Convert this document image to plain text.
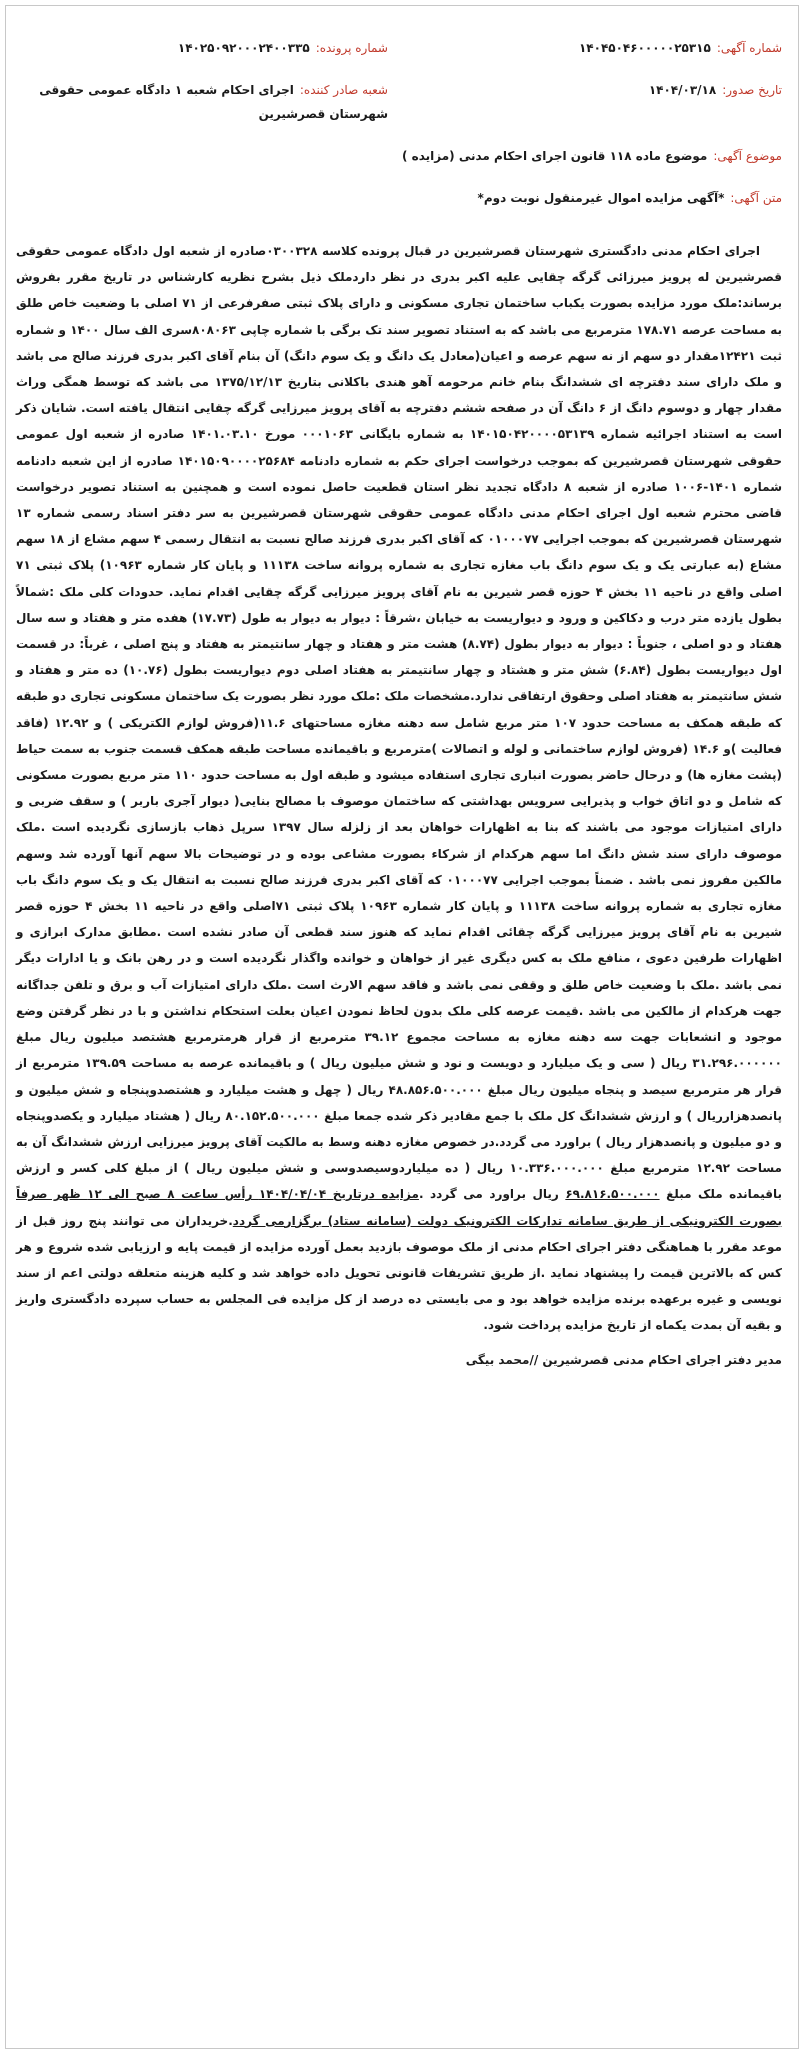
شماره آگهی:۱۴۰۴۵۰۴۶۰۰۰۰۰۲۵۳۱۵
شماره پرونده:۱۴۰۲۵۰۹۲۰۰۰۲۴۰۰۳۳۵
تاریخ صدور:۱۴۰۴/۰۳/۱۸
شعبه صادر کننده:اجرای احکام شعبه ۱ دادگاه عمومی حقوقی شهرستان قصرشیرین
موضوع آگهی:موضوع ماده ۱۱۸ قانون اجرای احکام مدنی (مزایده )
متن آگهی:*آگهی مزایده اموال غیرمنقول نوبت دوم*

اجرای احکام مدنی دادگستری شهرستان قصرشیرین در قبال پرونده کلاسه ۰۳۰۰۳۲۸صادره از شعبه اول دادگاه عمومی حقوقی قصرشیرین له پرویز میرزائی گرگه چقایی علیه اکبر بدری در نظر داردملک ذیل بشرح نظریه کارشناس در تاریخ مقرر بفروش برساند:ملک مورد مزایده بصورت یکباب ساختمان تجاری مسکونی و دارای پلاک ثبتی صفرفرعی از ۷۱ اصلی با وضعیت خاص طلق به مساحت عرصه ۱۷۸.۷۱ مترمربع می باشد که به استناد تصویر سند تک برگی با شماره چاپی ۸۰۸۰۶۳سری الف سال ۱۴۰۰ و شماره ثبت ۱۲۴۲۱مقدار دو سهم از نه سهم عرصه و اعیان(معادل یک دانگ و یک سوم دانگ) آن بنام آقای اکبر بدری فرزند صالح می باشد و ملک دارای سند دفترچه ای ششدانگ بنام خانم مرحومه آهو هندی باکلانی بتاریخ ۱۳۷۵/۱۲/۱۳ می باشد که توسط همگی وراث مقدار چهار و دوسوم دانگ از ۶ دانگ آن در صفحه ششم دفترچه به آقای پرویز میرزایی گرگه چقایی انتقال یافته است. شایان ذکر است به استناد اجرائیه شماره ۱۴۰۱۵۰۴۲۰۰۰۰۵۳۱۳۹ به شماره بایگانی ۰۰۰۱۰۶۳ مورخ ۱۴۰۱.۰۳.۱۰ صادره از شعبه اول عمومی حقوقی شهرستان قصرشیرین که بموجب درخواست اجرای حکم به شماره دادنامه ۱۴۰۱۵۰۹۰۰۰۰۲۵۶۸۴ صادره از این شعبه دادنامه شماره ۱۴۰۱-۱۰۰۶ صادره از شعبه ۸ دادگاه تجدید نظر استان قطعیت حاصل نموده است و همچنین به استناد تصویر درخواست قاضی محترم شعبه اول اجرای احکام مدنی دادگاه عمومی حقوقی شهرستان قصرشیرین به سر دفتر اسناد رسمی شماره ۱۳ شهرستان قصرشیرین که بموجب اجرایی ۰۱۰۰۰۷۷ که آقای اکبر بدری فرزند صالح نسبت به انتقال رسمی ۴ سهم مشاع از ۱۸ سهم مشاع (به عبارتی یک و یک سوم دانگ باب مغازه تجاری به شماره پروانه ساخت ۱۱۱۳۸ و پایان کار شماره ۱۰۹۶۳) پلاک ثبتی ۷۱ اصلی واقع در ناحیه ۱۱ بخش ۴ حوزه قصر شیرین به نام آقای پرویز میرزایی گرگه چقایی اقدام نماید. حدودات کلی ملک :شمالاً بطول یازده متر درب و دکاکین و ورود و دیواریست به خیابان ،شرقاً : دیوار به دیوار به طول (۱۷.۷۳) هفده متر و هفتاد و سه سال هفتاد و دو اصلی ، جنوباً : دیوار به دیوار بطول (۸.۷۴) هشت متر و هفتاد و چهار سانتیمتر به هفتاد و پنج اصلی ، غرباً: در قسمت اول دیواریست بطول (۶.۸۴) شش متر و هشتاد و چهار سانتیمتر به هفتاد اصلی دوم دیواریست بطول (۱۰.۷۶) ده متر و هفتاد و شش سانتیمتر به هفتاد اصلی وحقوق ارتفاقی ندارد.مشخصات ملک :ملک مورد نظر بصورت یک ساختمان مسکونی تجاری دو طبقه که طبقه همکف به مساحت حدود ۱۰۷ متر مربع شامل سه دهنه مغازه مساحتهای ۱۱.۶(فروش لوازم الکتریکی ) و ۱۲.۹۲ (فاقد فعالیت )و ۱۴.۶ (فروش لوازم ساختمانی و لوله و اتصالات )مترمربع و باقیمانده مساحت طبقه همکف قسمت جنوب به سمت حیاط (پشت مغازه ها) و درحال حاضر بصورت انباری تجاری استفاده میشود و طبقه اول به مساحت حدود ۱۱۰ متر مربع بصورت مسکونی که شامل و دو اتاق خواب و پذیرایی سرویس بهداشتی که ساختمان موصوف با مصالح بنایی( دیوار آجری باربر ) و سقف ضربی و دارای امتیازات موجود می باشند که بنا به اظهارات خواهان بعد از زلزله سال ۱۳۹۷ سرپل ذهاب بازسازی نگردیده است .ملک موصوف دارای سند شش دانگ اما سهم هرکدام از شرکاء بصورت مشاعی بوده و در توضیحات بالا سهم آنها آورده شد وسهم مالکین مفروز نمی باشد . ضمناً بموجب اجرایی ۰۱۰۰۰۷۷ که آقای اکبر بدری فرزند صالح نسبت به انتقال یک و یک سوم دانگ باب مغازه تجاری به شماره پروانه ساخت ۱۱۱۳۸ و پایان کار شماره ۱۰۹۶۳ پلاک ثبتی ۷۱اصلی واقع در ناحیه ۱۱ بخش ۴ حوزه قصر شیرین به نام آقای پرویز میرزایی گرگه چقائی اقدام نماید که هنوز سند قطعی آن صادر نشده است .مطابق مدارک ابرازی و اظهارات طرفین دعوی ، منافع ملک به کس دیگری غیر از خواهان و خوانده واگذار نگردیده است و در رهن بانک و یا ادارات دیگر نمی باشد .ملک با وضعیت خاص طلق و وقفی نمی باشد و فاقد سهم الارث است .ملک دارای امتیازات آب و برق و تلفن جداگانه جهت هرکدام از مالکین می باشد .قیمت عرصه کلی ملک بدون لحاظ نمودن اعیان بعلت استحکام نداشتن و با در نظر گرفتن وضع موجود و انشعابات جهت سه دهنه مغازه به مساحت مجموع ۳۹.۱۲ مترمربع از قرار هرمترمربع هشتصد میلیون ریال مبلغ ۳۱.۲۹۶.۰۰۰۰۰۰ ریال ( سی و یک میلیارد و دویست و نود و شش میلیون ریال ) و باقیمانده عرصه به مساحت ۱۳۹.۵۹ مترمربع از قرار هر مترمربع سیصد و پنجاه میلیون ریال مبلغ ۴۸.۸۵۶.۵۰۰.۰۰۰ ریال ( چهل و هشت میلیارد و هشتصدوپنجاه و شش میلیون و پانصدهزارریال ) و ارزش ششدانگ کل ملک با جمع مقادیر ذکر شده جمعا مبلغ ۸۰.۱۵۲.۵۰۰.۰۰۰ ریال ( هشتاد میلیارد و یکصدوپنجاه و دو میلیون و پانصدهزار ریال ) براورد می گردد.در خصوص مغازه دهنه وسط به مالکیت آقای پرویز میرزایی ارزش ششدانگ آن به مساحت ۱۲.۹۲ مترمربع مبلغ ۱۰.۳۳۶.۰۰۰.۰۰۰ ریال ( ده میلیاردوسیصدوسی و شش میلیون ریال ) از مبلغ کلی کسر و ارزش باقیمانده ملک مبلغ ۶۹.۸۱۶.۵۰۰.۰۰۰ ریال براورد می گردد .مزایده درتاریخ ۱۴۰۴/۰۴/۰۴ رأس ساعت ۸ صبح الی ۱۲ ظهر صرفاً بصورت الکترونیکی از طریق سامانه تدارکات الکترونیک دولت (سامانه ستاد) برگزارمی گردد.خریداران می توانند پنج روز قبل از موعد مقرر با هماهنگی دفتر اجرای احکام مدنی از ملک موصوف بازدید بعمل آورده مزایده از قیمت پایه و ارزیابی شده شروع و هر کس که بالاترین قیمت را پیشنهاد نماید .از طریق تشریفات قانونی تحویل داده خواهد شد و کلیه هزینه متعلقه دولتی اعم از سند نویسی و غیره برعهده برنده مزایده خواهد بود و می بایستی ده درصد از کل مزایده فی المجلس به حساب سپرده دادگستری واریز و بقیه آن بمدت یکماه از تاریخ مزایده پرداخت شود.

مدیر دفتر اجرای احکام مدنی قصرشیرین //محمد بیگی
